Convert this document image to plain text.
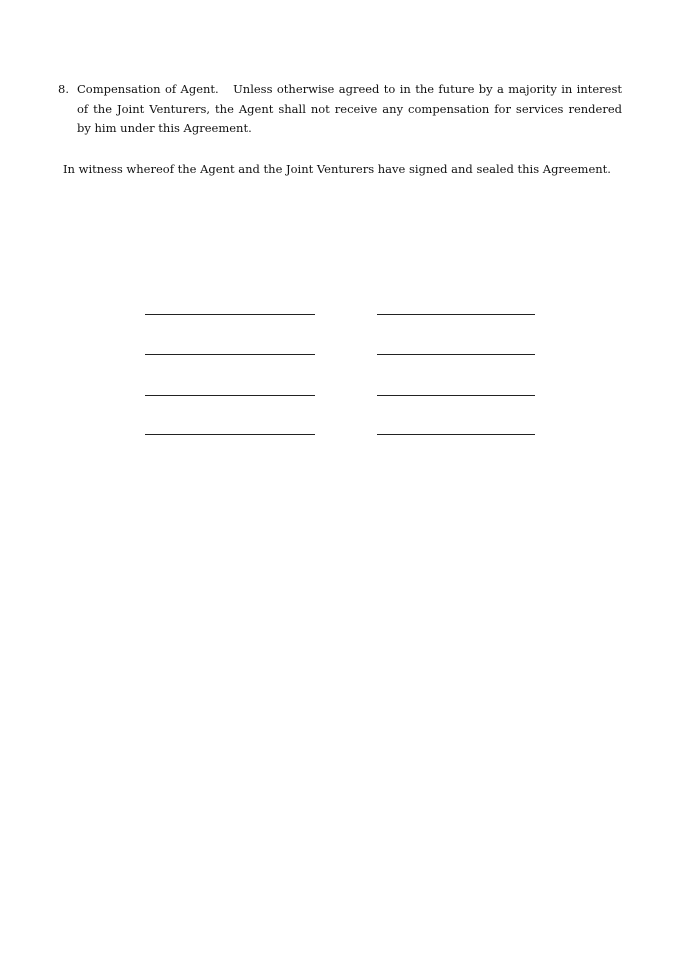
8. Compensation of Agent. Unless otherwise agreed to in the future by a majority in interest of the Joint Venturers, the Agent shall not receive any compensation for services rendered by him under this Agreement.
In witness whereof the Agent and the Joint Venturers have signed and sealed this Agreement.
